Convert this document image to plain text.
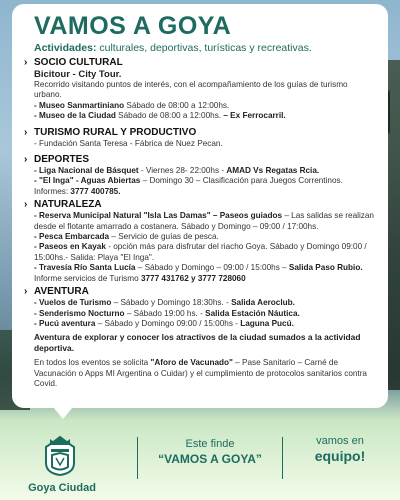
VAMOS A GOYA
Actividades: culturales, deportivas, turísticas y recreativas.
› SOCIO CULTURAL
Bicitour - City Tour.
Recorrido visitando puntos de interés, con el acompañamiento de los guías de turismo urbano.
- Museo Sanmartiniano Sábado de 08:00 a 12:00hs.
- Museo de la Ciudad Sábado de 08:00 a 12:00hs. – Ex Ferrocarril.
› TURISMO RURAL Y PRODUCTIVO
- Fundación Santa Teresa - Fábrica de Nuez Pecan.
› DEPORTES
- Liga Nacional de Básquet - Viernes 28- 22:00hs - AMAD Vs Regatas Rcia.
- "El Inga" - Aguas Abiertas – Domingo 30 – Clasificación para Juegos Correntinos.
Informes: 3777 400785.
› NATURALEZA
- Reserva Municipal Natural "Isla Las Damas" – Paseos guiados – Las salidas se realizan desde el flotante amarrado a costanera. Sábado y Domingo – 09:00 / 17:00hs.
- Pesca Embarcada – Servicio de guías de pesca.
- Paseos en Kayak - opción más para disfrutar del riacho Goya. Sábado y Domingo 09:00 / 15:00hs.- Salida: Playa "El Inga".
- Travesía Río Santa Lucía – Sábado y Domingo – 09:00 / 15:00hs – Salida Paso Rubio.
Informe servicios de Turismo 3777 431762 y 3777 728060
› AVENTURA
- Vuelos de Turismo – Sábado y Domingo 18:30hs. - Salida Aeroclub.
- Senderismo Nocturno – Sábado 19:00 hs. - Salida Estación Náutica.
- Pucú aventura – Sábado y Domingo 09:00 / 15:00hs - Laguna Pucú.
Aventura de explorar y conocer los atractivos de la ciudad sumados a la actividad deportiva.
En todos los eventos se solicita "Aforo de Vacunado" – Pase Sanitario – Carné de Vacunación o Apps MI Argentina o Cuidar) y el cumplimiento de protocolos sanitarios contra Covid.
Goya Ciudad
Este finde
“VAMOS A GOYA”
vamos en
equipo!
